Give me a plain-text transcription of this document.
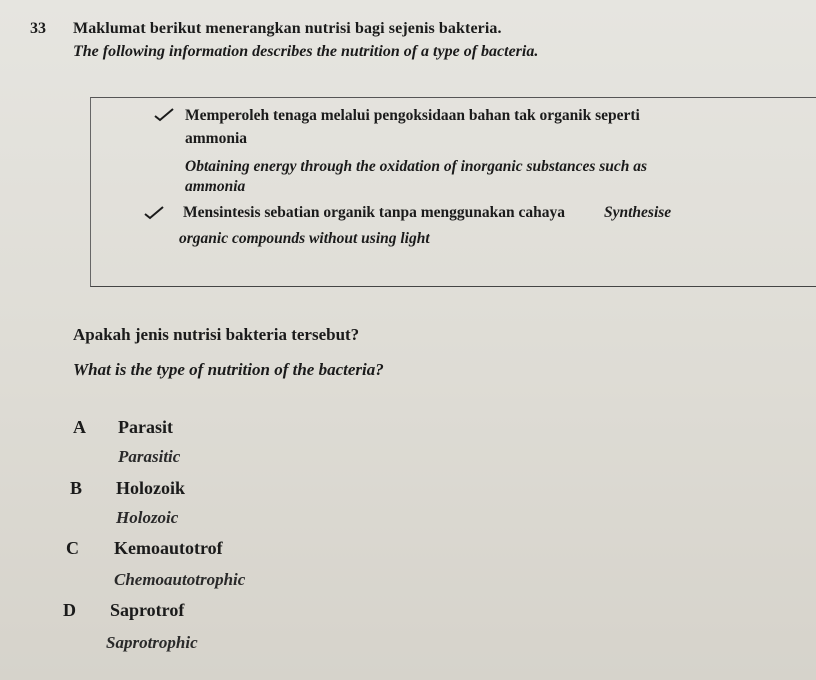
33 Maklumat berikut menerangkan nutrisi bagi sejenis bakteria.
The following information describes the nutrition of a type of bacteria.
Memperoleh tenaga melalui pengoksidaan bahan tak organik seperti
ammonia
Obtaining energy through the oxidation of inorganic substances such as
ammonia
Mensintesis sebatian organik tanpa menggunakan cahaya	Synthesise
organic compounds without using light
Apakah jenis nutrisi bakteria tersebut?
What is the type of nutrition of the bacteria?
A Parasit
Parasitic
B Holozoik
Holozoic
C Kemoautotrof
Chemoautotrophic
D Saprotrof
Saprotrophic
